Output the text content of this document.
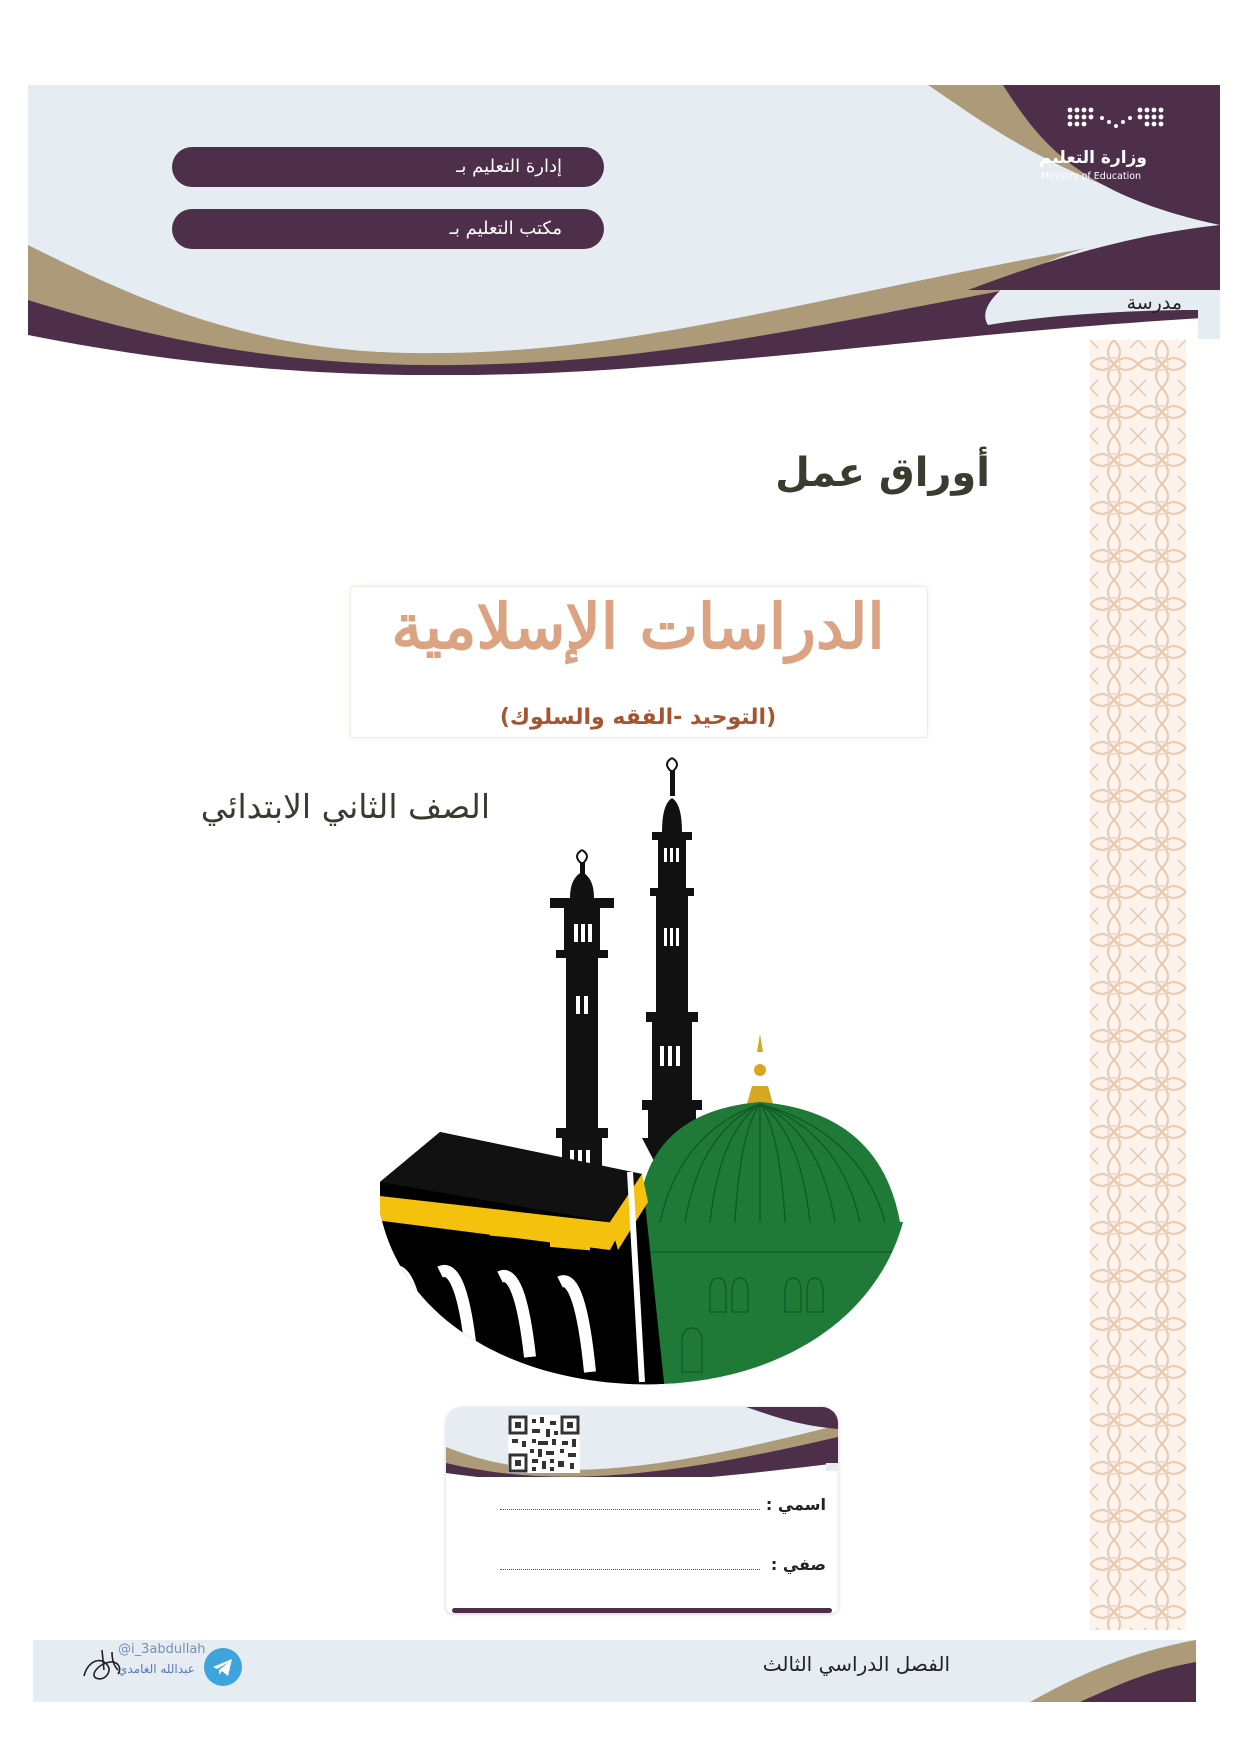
وزارة التعليم
Ministry of Education
إدارة التعليم بـ
مكتب التعليم بـ
مدرسة
أوراق عمل
الدراسات الإسلامية
(التوحيد -الفقه والسلوك)
الصف الثاني الابتدائي
اسمي :
صفي :
الفصل الدراسي الثالث
@i_3abdullah
عبدالله الغامدي
